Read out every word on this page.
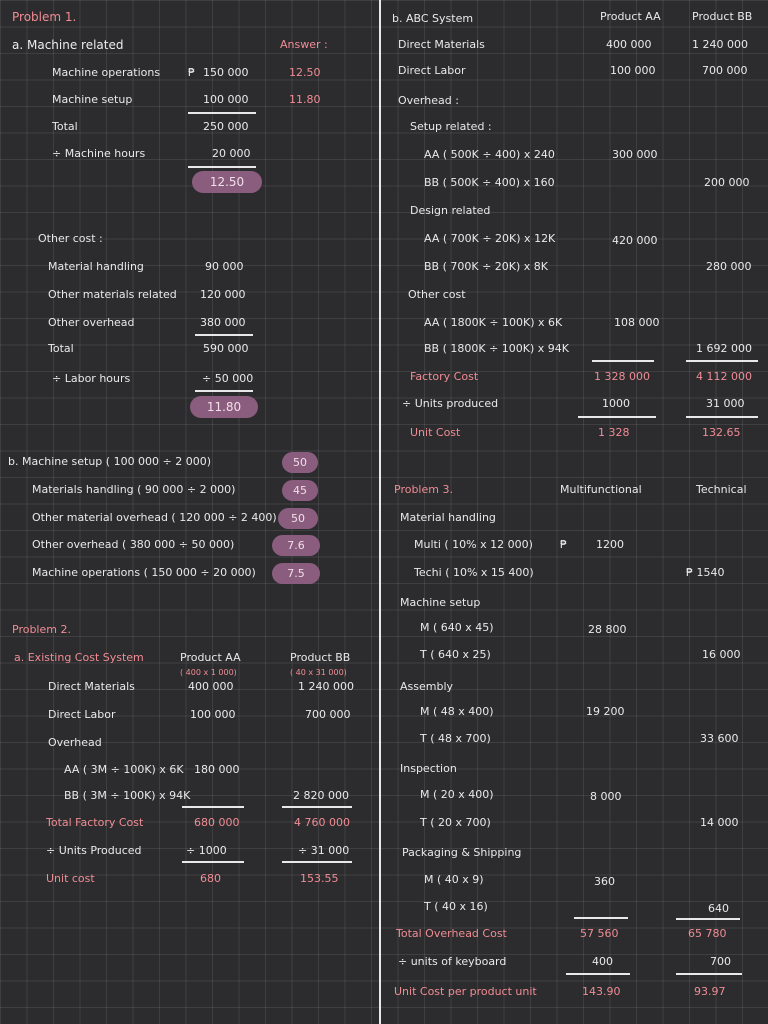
Problem 1.
a. Machine related	Answer :
Machine operations	₱ 150 000	12.50
Machine setup	100 000	11.80
Total	250 000
÷ Machine hours	20 000
12.50
Other cost :
Material handling	90 000
Other materials related 120 000
Other overhead	380 000
Total	590 000
÷ Labor hours	÷ 50 000
11.80
b. Machine setup ( 100 000 ÷ 2 000)	50
Materials handling ( 90 000 ÷ 2 000)	45
Other material overhead ( 120 000 ÷ 2 400)	50
Other overhead ( 380 000 ÷ 50 000)	7.6
Machine operations ( 150 000 ÷ 20 000)	7.5
Problem 2.
a. Existing Cost System	Product AA	Product BB
( 400 x 1 000)	( 40 x 31 000)
Direct Materials	400 000	1 240 000
Direct Labor	100 000	700 000
Overhead
AA ( 3M ÷ 100K) x 6K 180 000
BB ( 3M ÷ 100K) x 94K	2 820 000
Total Factory Cost	680 000	4 760 000
÷ Units Produced	÷ 1000	÷ 31 000
Unit cost	680	153.55
b. ABC System	Product AA	Product BB
Direct Materials	400 000	1 240 000
Direct Labor	100 000	700 000
Overhead :
Setup related :
AA ( 500K ÷ 400) x 240	300 000
BB ( 500K ÷ 400) x 160	200 000
Design related
AA ( 700K ÷ 20K) x 12K	420 000
BB ( 700K ÷ 20K) x 8K	280 000
Other cost
AA ( 1800K ÷ 100K) x 6K	108 000
BB ( 1800K ÷ 100K) x 94K	1 692 000
Factory Cost	1 328 000	4 112 000
÷ Units produced	1000	31 000
Unit Cost	1 328	132.65
Problem 3.	Multifunctional	Technical
Material handling
Multi ( 10% x 12 000) ₱	1200
Techi ( 10% x 15 400)	₱ 1540
Machine setup
M ( 640 x 45)	28 800
T ( 640 x 25)	16 000
Assembly
M ( 48 x 400)	19 200
T ( 48 x 700)	33 600
Inspection
M ( 20 x 400)	8 000
T ( 20 x 700)	14 000
Packaging & Shipping
M ( 40 x 9)	360
T ( 40 x 16)	640
Total Overhead Cost	57 560	65 780
÷ units of keyboard	400	700
Unit Cost per product unit	143.90	93.97
